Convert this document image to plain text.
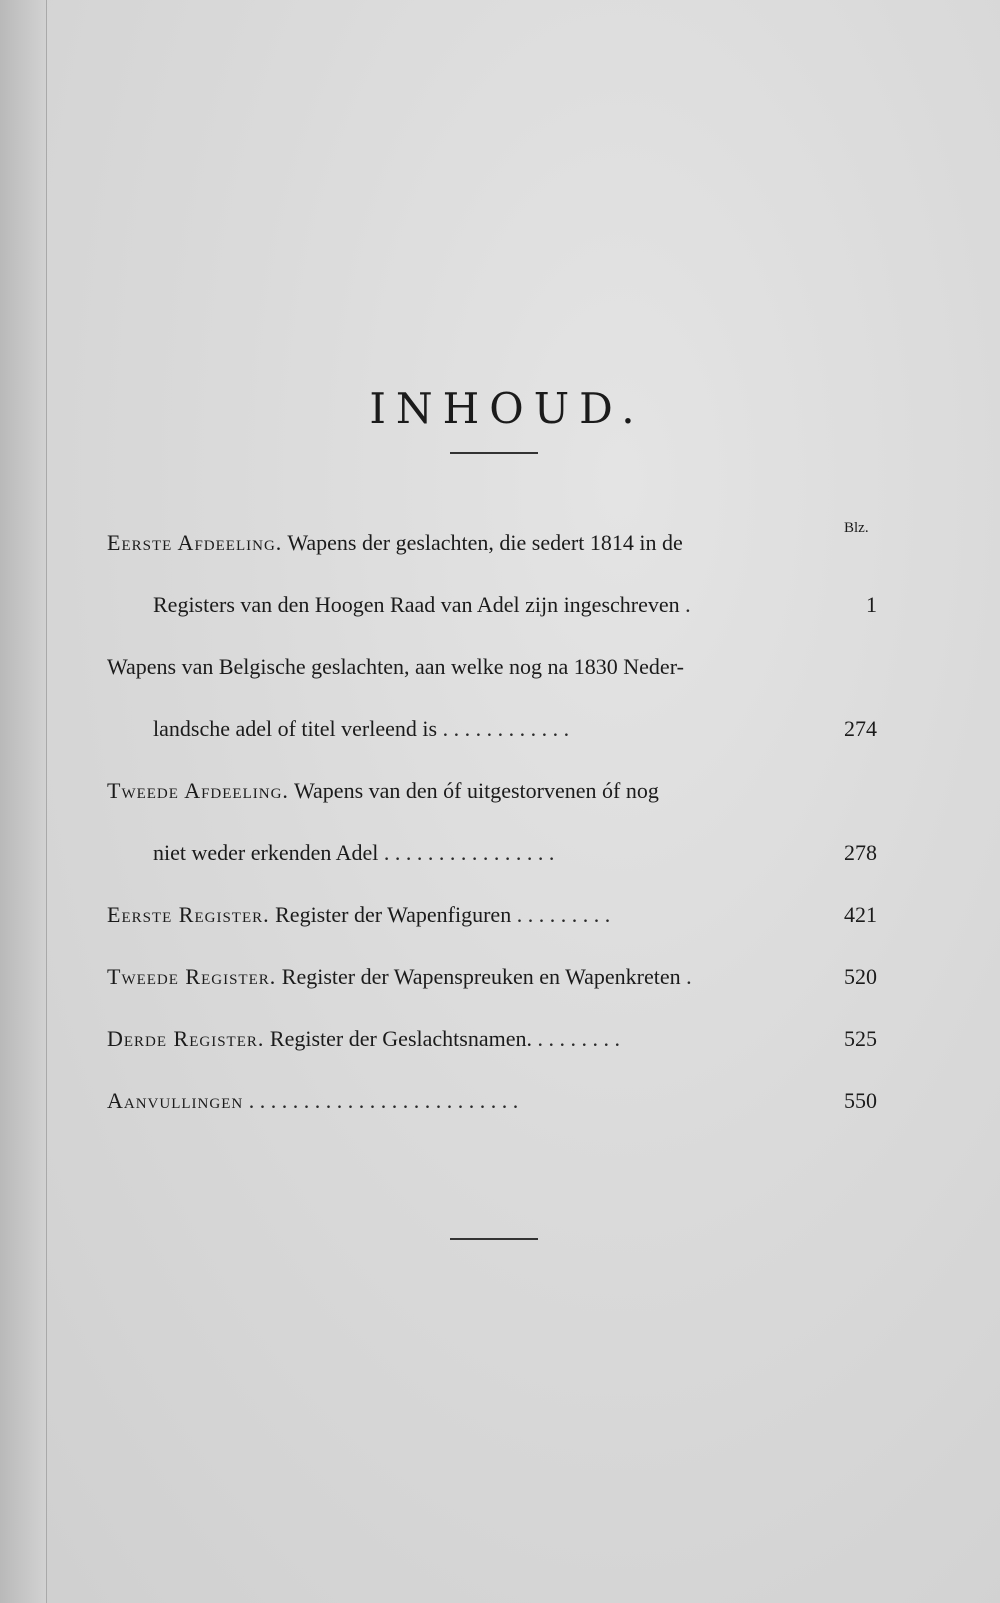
INHOUD.
Blz.
Eerste Afdeeling. Wapens der geslachten, die sedert 1814 in de
Registers van den Hoogen Raad van Adel zijn ingeschreven .	1
Wapens van Belgische geslachten, aan welke nog na 1830 Neder-
landsche adel of titel verleend is . . . . . . . . . . . .	274
Tweede Afdeeling. Wapens van den óf uitgestorvenen óf nog
niet weder erkenden Adel . . . . . . . . . . . . . . . .	278
Eerste Register. Register der Wapenfiguren . . . . . . . . .	421
Tweede Register. Register der Wapenspreuken en Wapenkreten .	520
Derde Register. Register der Geslachtsnamen. . . . . . . . .	525
Aanvullingen . . . . . . . . . . . . . . . . . . . . . . . . .	550
